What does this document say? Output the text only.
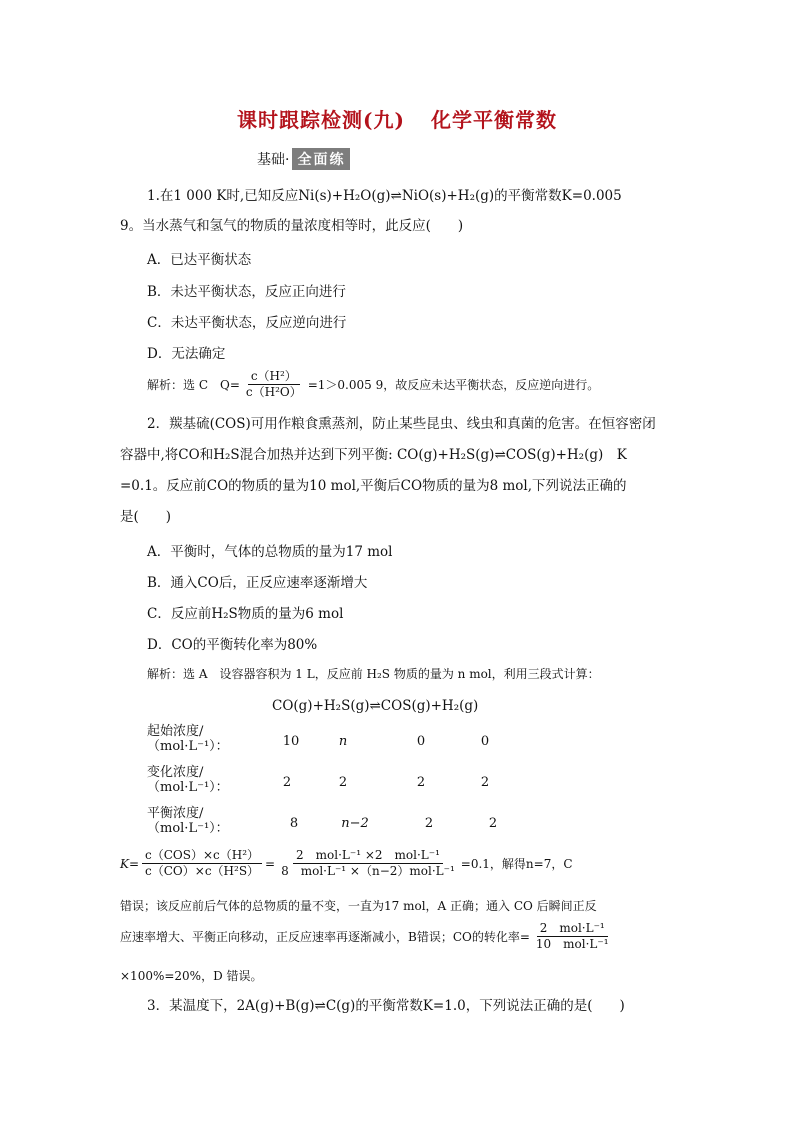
课时跟踪检测(九) 化学平衡常数
基础· 全面练
1.在1 000 K时,已知反应Ni(s)+H₂O(g)⇌NiO(s)+H₂(g)的平衡常数K=0.005
9。当水蒸气和氢气的物质的量浓度相等时，此反应(　　)
A．已达平衡状态
B．未达平衡状态，反应正向进行
C．未达平衡状态，反应逆向进行
D．无法确定
解析：选 C　$Q= \frac{\text{c（H²）}}{\text{c（H²O）}} =1>0.005$ 9，故反应未达平衡状态，反应逆向进行。
2．羰基硫(COS)可用作粮食熏蒸剂，防止某些昆虫、线虫和真菌的危害。在恒容密闭
容器中,将CO和H₂S混合加热并达到下列平衡: CO(g)+H₂S(g)⇌COS(g)+H₂(g)　K
=0.1。反应前CO的物质的量为10 mol,平衡后CO物质的量为8 mol,下列说法正确的
是(　　)
A．平衡时，气体的总物质的量为17 mol
B．通入CO后，正反应速率逐渐增大
C．反应前H₂S物质的量为6 mol
D．CO的平衡转化率为80%
解析：选 A　设容器容积为 1 L，反应前 H₂S 物质的量为 n mol，利用三段式计算：
CO(g)+H₂S(g)⇌COS(g)+H₂(g)
起始浓度/
（mol·L⁻¹）：	10	n	0	0
变化浓度/
（mol·L⁻¹）：	2	2	2	2
平衡浓度/
（mol·L⁻¹）：	8	n−2	2	2
$K= \frac{\text{c（COS）×c（H²）}}{\text{c（CO）×c（H²S）}} = \frac{\text{2　mol·L⁻¹ ×2　mol·L⁻¹}}{\text{8　mol·L⁻¹ ×（n−2）mol·L⁻¹}} =0.1$，解得n=7，C
错误；该反应前后气体的总物质的量不变，一直为17 mol，A 正确；通入 CO 后瞬间正反
应速率增大、平衡正向移动，正反应速率再逐渐减小，B错误；CO的转化率= $\frac{\text{2　mol·L⁻¹}}{\text{10　mol·L⁻¹}}$
×100%=20%，D 错误。
3．某温度下，2A(g)+B(g)⇌C(g)的平衡常数K=1.0，下列说法正确的是(　　)
